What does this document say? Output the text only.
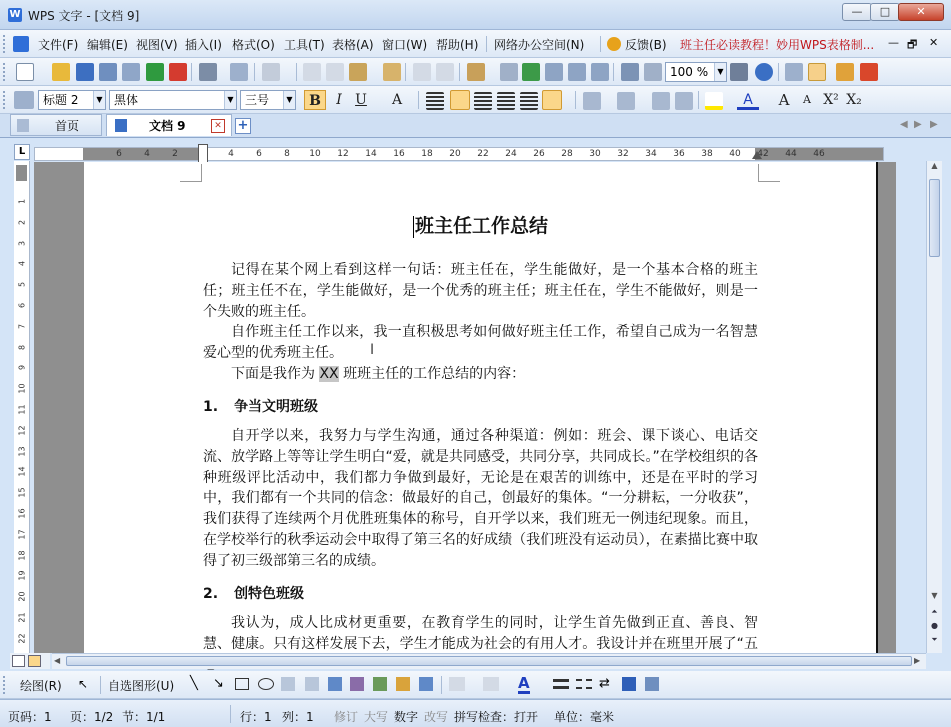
W WPS 文字 - [文档 9]	—	□	✕
文件(F) 编辑(E) 视图(V) 插入(I) 格式(O) 工具(T) 表格(A) 窗口(W) 帮助(H) 网络办公空间(N)	反馈(B) 班主任必读教程！妙用WPS表格制... — 🗗 ✕
100 %	▼
标题 2	▼ 黑体	▼ 三号	▼	B	I U	A	A	A	A X² X₂
首页	文档 9	✕ +	◀ ▶ ▶
L	6	4	2	4	6	8	10	12	14	16	18	20	22	24	26	28	30	32	34	36	38	40	42	44	46
1
2
3
4
5
6
7
8
9
10
11
12
13
14
15
16
17
18
19
20
21
22
班主任工作总结
记得在某个网上看到这样一句话：班主任在，学生能做好，是一个基本合格的班主任；班主任不在，学生能做好，是一个优秀的班主任；班主任在，学生不能做好，则是一个失败的班主任。
自作班主任工作以来，我一直积极思考如何做好班主任工作，希望自己成为一名智慧爱心型的优秀班主任。
下面是我作为 XX 班班主任的工作总结的内容：
1. 争当文明班级
自开学以来，我努力与学生沟通，通过各种渠道：例如：班会、课下谈心、电话交流、放学路上等等让学生明白“爱，就是共同感受，共同分享，共同成长。”在学校组织的各种班级评比活动中，我们都力争做到最好，无论是在艰苦的训练中，还是在平时的学习中，我们都有一个共同的信念：做最好的自己，创最好的集体。“一分耕耘，一分收获”，我们获得了连续两个月优胜班集体的称号，自开学以来，我们班无一例违纪现象。而且，在学校举行的秋季运动会中取得了第三名的好成绩（我们班没有运动员），在素描比赛中取得了初三级部第三名的成绩。
2. 创特色班级
我认为，成人比成材更重要，在教育学生的同时，让学生首先做到正直、善良、智慧、健康。只有这样发展下去，学生才能成为社会的有用人才。我设计并在班里开展了“五
I
▲
▼
⏶
●
⏷
◀	▶
绘图(R) ↖ 自选图形(U) ╲ ↘	A	⇄
页码：1 页：1/2 节：1/1	行：1 列：1 修订 大写 数字 改写 拼写检查：打开 单位：毫米
